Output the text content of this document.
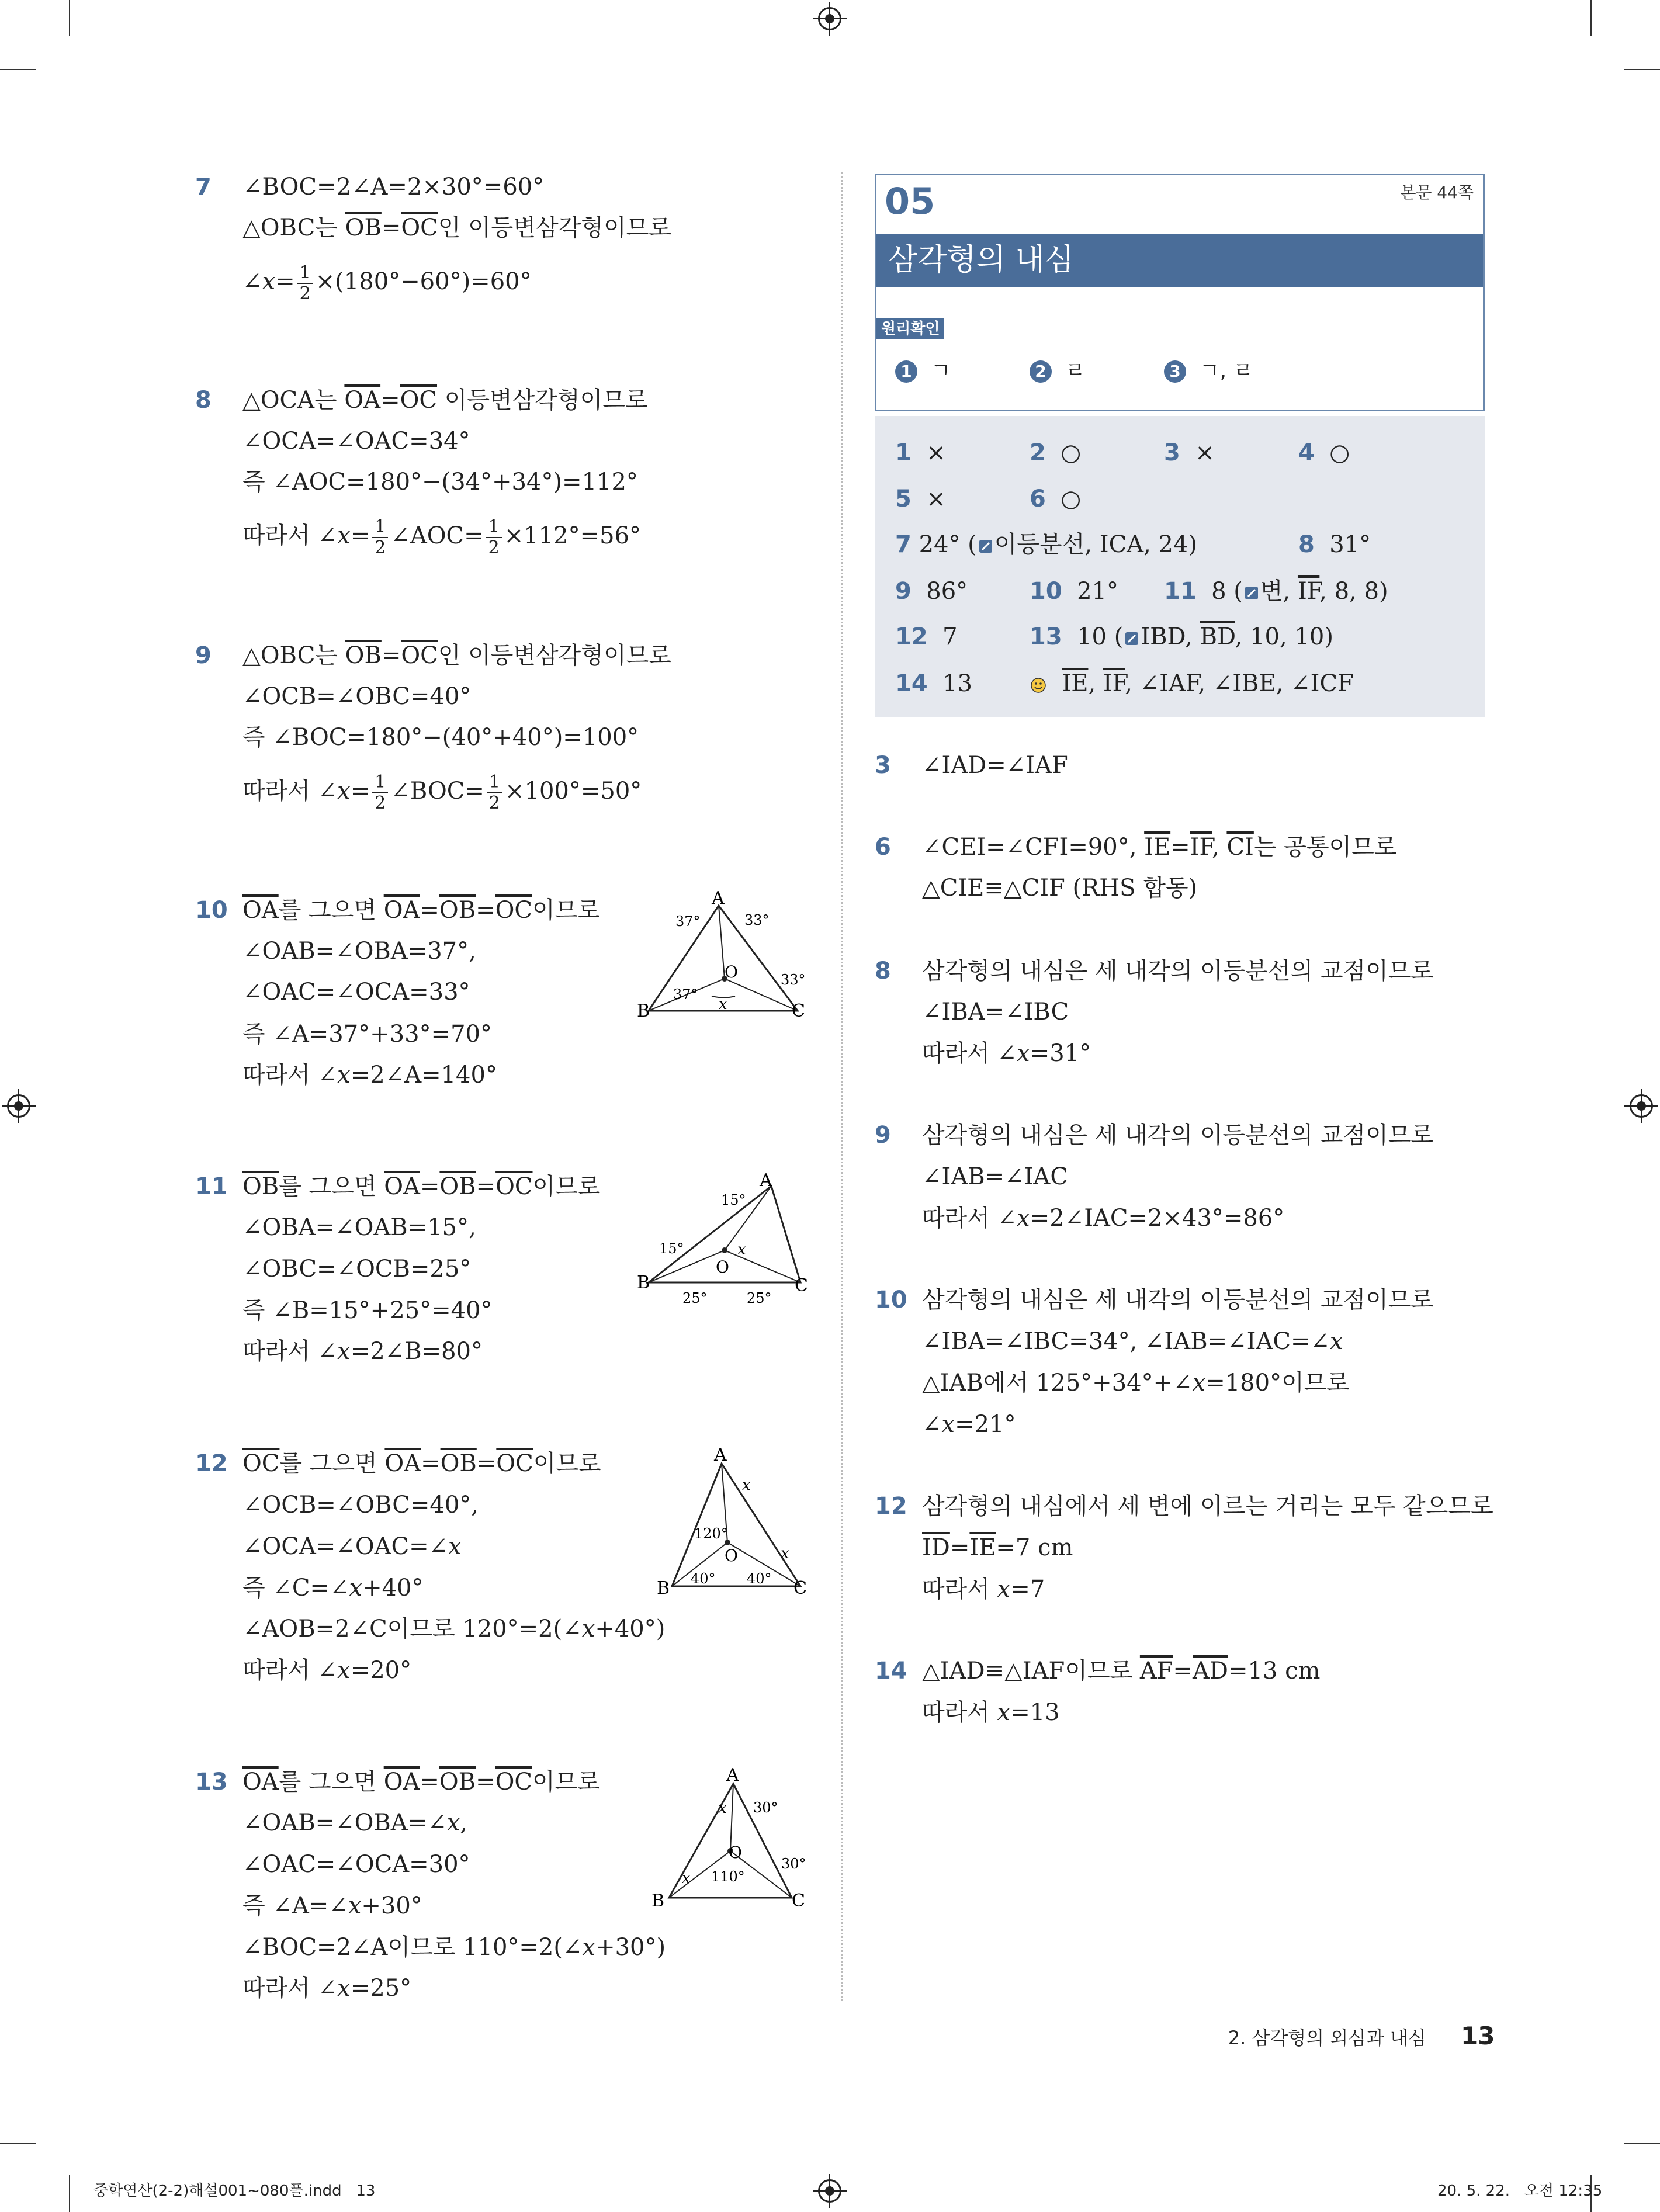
7 ∠BOC=2∠A=2×30°=60°
△OBC는 $\overline{OB}=\overline{OC}$인 이등변삼각형이므로
∠x= $\frac{1}{2} \times(180^\circ-60^\circ)=60^\circ$
8 △OCA는 $\overline{OA}=\overline{OC}$ 이등변삼각형이므로
∠OCA=∠OAC=34°
즉 ∠AOC=180°−(34°+34°)=112°
따라서 ∠x= $\frac{1}{2}$ ∠AOC= $\frac{1}{2} \times 112^\circ=56^\circ$
9 △OBC는 $\overline{OB}=\overline{OC}$인 이등변삼각형이므로
∠OCB=∠OBC=40°
즉 ∠BOC=180°−(40°+40°)=100°
따라서 ∠x= $\frac{1}{2}$ ∠BOC= $\frac{1}{2} \times 100^\circ=50^\circ$
10 $\overline{OA}$를 그으면 $\overline{OA}=\overline{OB}=\overline{OC}$이므로
∠OAB=∠OBA=37°,
∠OAC=∠OCA=33°
즉 ∠A=37°+33°=70°
따라서 ∠x=2∠A=140°
A
B	C
O
x
37°	33°
37°
33°
11 $\overline{OB}$를 그으면 $\overline{OA}=\overline{OB}=\overline{OC}$이므로
∠OBA=∠OAB=15°,
∠OBC=∠OCB=25°
즉 ∠B=15°+25°=40°
따라서 ∠x=2∠B=80°
A
B	C
O
x
15°
15°
25°	25°
12 $\overline{OC}$를 그으면 $\overline{OA}=\overline{OB}=\overline{OC}$이므로
∠OCB=∠OBC=40°,
∠OCA=∠OAC=∠x
즉 ∠C=∠x+40°
∠AOB=2∠C이므로 120°=2(∠x+40°)
따라서 ∠x=20°
A
B	C
O
x
x
120°
40° 40°
13 $\overline{OA}$를 그으면 $\overline{OA}=\overline{OB}=\overline{OC}$이므로
∠OAB=∠OBA=∠x,
∠OAC=∠OCA=30°
즉 ∠A=∠x+30°
∠BOC=2∠A이므로 110°=2(∠x+30°)
따라서 ∠x=25°
A
B	C
O
x
x
30°
30°
110°
05	본문 44쪽
삼각형의 내심
원리확인
1 ㄱ	2 ㄹ	3 ㄱ, ㄹ
1 ×	2 ○	3 ×	4 ○
5 ×	6 ○
7 24° ( 이등분선, ICA, 24)	8 31°
9 86°	10 21° 11 8 ( 변, $\overline{IF}$, 8, 8)
12 7	13 10 ( IBD, $\overline{BD}$, 10, 10)
14 13	$\overline{IE}$, $\overline{IF}$, ∠IAF, ∠IBE, ∠ICF
3 ∠IAD=∠IAF
6 ∠CEI=∠CFI=90°, $\overline{IE}=\overline{IF}$, $\overline{CI}$는 공통이므로
△CIE≡△CIF (RHS 합동)
8 삼각형의 내심은 세 내각의 이등분선의 교점이므로
∠IBA=∠IBC
따라서 ∠x=31°
9 삼각형의 내심은 세 내각의 이등분선의 교점이므로
∠IAB=∠IAC
따라서 ∠x=2∠IAC=2×43°=86°
10 삼각형의 내심은 세 내각의 이등분선의 교점이므로
∠IBA=∠IBC=34°, ∠IAB=∠IAC=∠x
△IAB에서 125°+34°+∠x=180°이므로
∠x=21°
12 삼각형의 내심에서 세 변에 이르는 거리는 모두 같으므로
$\overline{ID}=\overline{IE}=7$ cm
따라서 x=7
14 △IAD≡△IAF이므로 $\overline{AF}=\overline{AD}=13$ cm
따라서 x=13
2. 삼각형의 외심과 내심 13
중학연산(2-2)해설001~080플.indd   13	20. 5. 22.   오전 12:35
